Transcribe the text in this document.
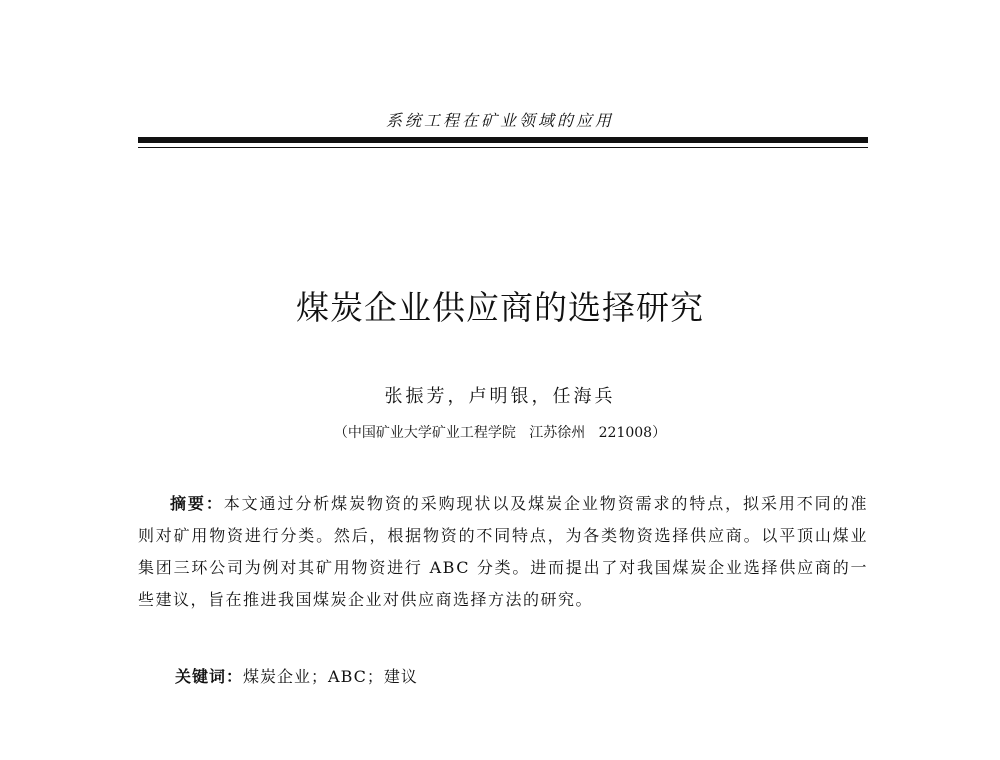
系统工程在矿业领域的应用
煤炭企业供应商的选择研究
张振芳，卢明银，任海兵
（中国矿业大学矿业工程学院 江苏徐州 221008）
摘要：本文通过分析煤炭物资的采购现状以及煤炭企业物资需求的特点，拟采用不同的准则对矿用物资进行分类。然后，根据物资的不同特点，为各类物资选择供应商。以平顶山煤业集团三环公司为例对其矿用物资进行 ABC 分类。进而提出了对我国煤炭企业选择供应商的一些建议，旨在推进我国煤炭企业对供应商选择方法的研究。
关键词：煤炭企业；ABC；建议
